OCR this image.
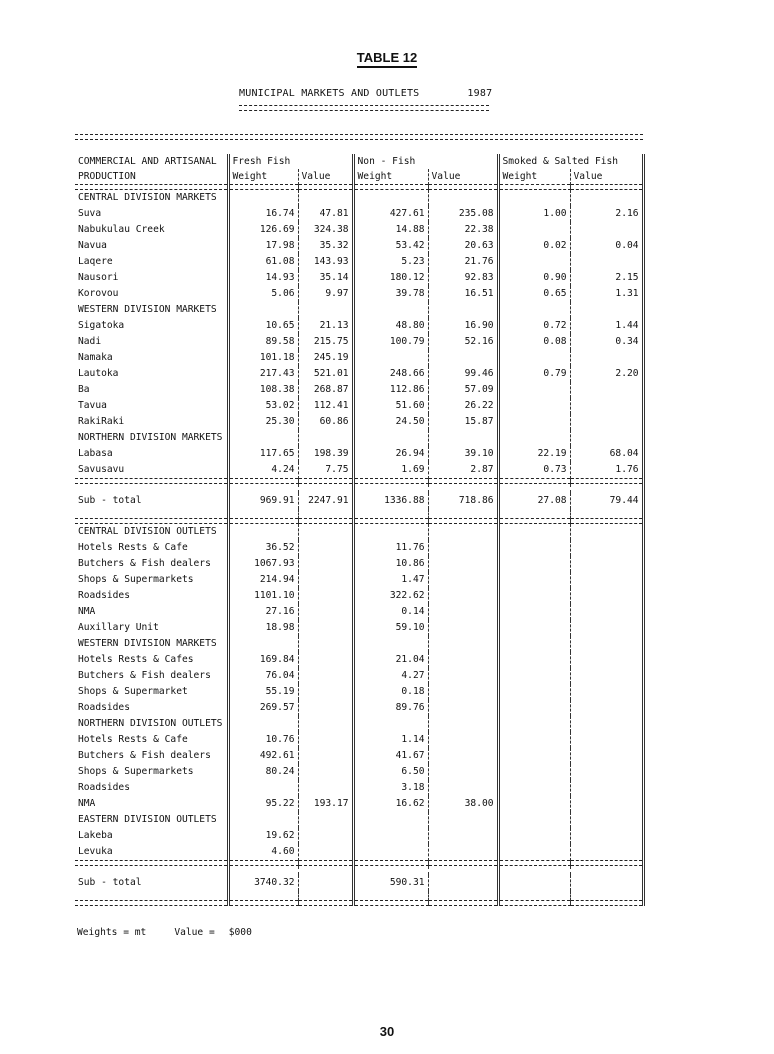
TABLE 12
MUNICIPAL MARKETS AND OUTLETS	1987
COMMERCIAL AND ARTISANAL	Fresh Fish		Non - Fish		Smoked & Salted Fish	
PRODUCTION	Weight	Value	Weight	Value	Weight	Value

CENTRAL DIVISION MARKETS						
Suva	16.74	47.81	427.61	235.08	1.00	2.16
Nabukulau Creek	126.69	324.38	14.88	22.38		
Navua	17.98	35.32	53.42	20.63	0.02	0.04
Laqere	61.08	143.93	5.23	21.76		
Nausori	14.93	35.14	180.12	92.83	0.90	2.15
Korovou	5.06	9.97	39.78	16.51	0.65	1.31
WESTERN DIVISION MARKETS						
Sigatoka	10.65	21.13	48.80	16.90	0.72	1.44
Nadi	89.58	215.75	100.79	52.16	0.08	0.34
Namaka	101.18	245.19				
Lautoka	217.43	521.01	248.66	99.46	0.79	2.20
Ba	108.38	268.87	112.86	57.09		
Tavua	53.02	112.41	51.60	26.22		
RakiRaki	25.30	60.86	24.50	15.87		
NORTHERN DIVISION MARKETS						
Labasa	117.65	198.39	26.94	39.10	22.19	68.04
Savusavu	4.24	7.75	1.69	2.87	0.73	1.76

Sub - total	969.91	2247.91	1336.88	718.86	27.08	79.44

CENTRAL DIVISION OUTLETS						
Hotels Rests & Cafe	36.52		11.76			
Butchers & Fish dealers	1067.93		10.86			
Shops & Supermarkets	214.94		1.47			
Roadsides	1101.10		322.62			
NMA	27.16		0.14			
Auxillary Unit	18.98		59.10			
WESTERN DIVISION MARKETS						
Hotels Rests & Cafes	169.84		21.04			
Butchers & Fish dealers	76.04		4.27			
Shops & Supermarket	55.19		0.18			
Roadsides	269.57		89.76			
NORTHERN DIVISION OUTLETS						
Hotels Rests & Cafe	10.76		1.14			
Butchers & Fish dealers	492.61		41.67			
Shops & Supermarkets	80.24		6.50			
Roadsides			3.18			
NMA	95.22	193.17	16.62	38.00		
EASTERN DIVISION OUTLETS						
Lakeba	19.62					
Levuka	4.60					

Sub - total	3740.32		590.31			

Weights = mt	Value = $000
30
